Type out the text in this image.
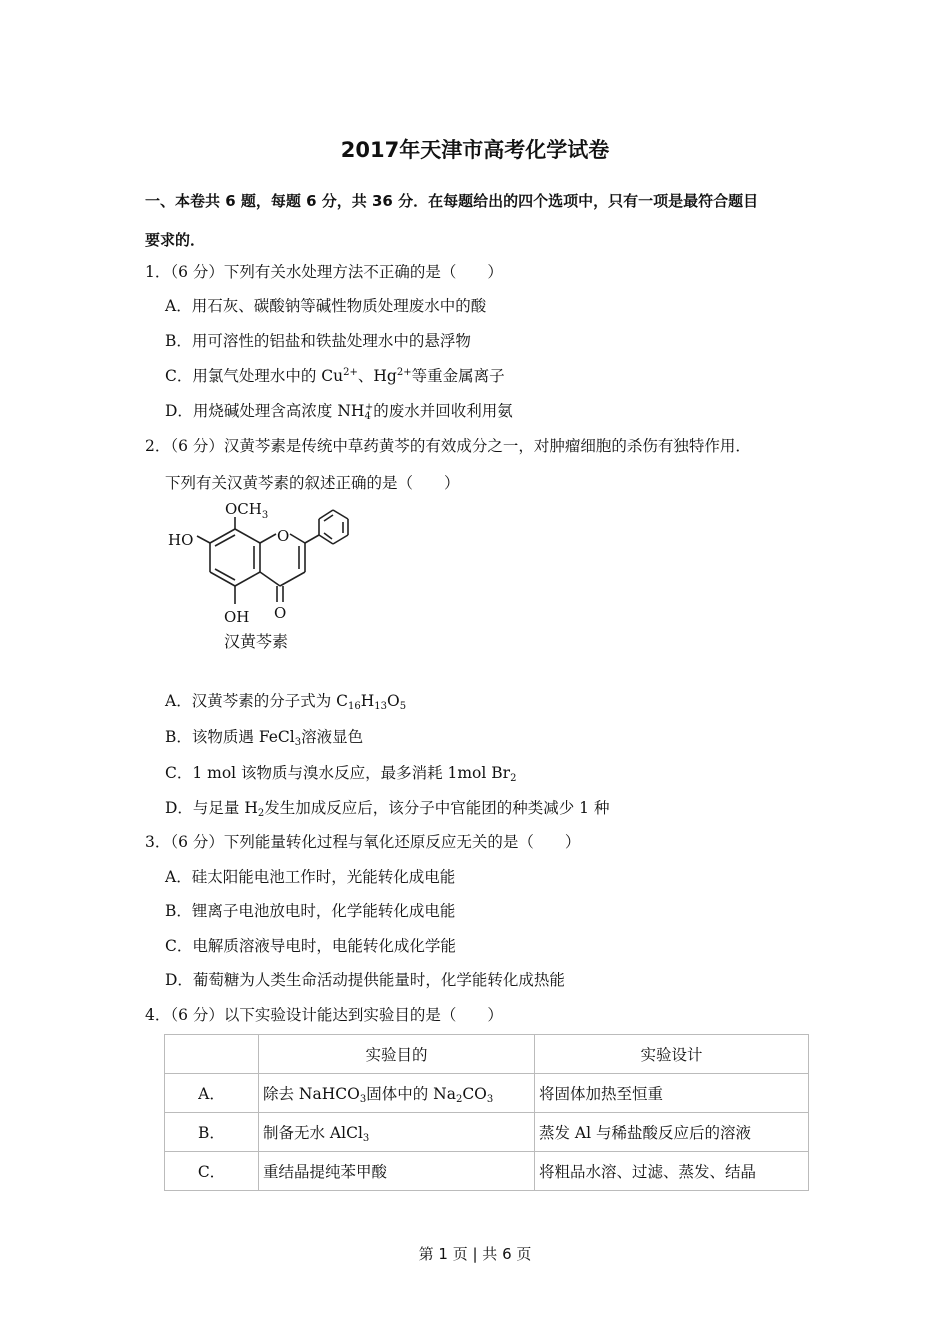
2017年天津市高考化学试卷
一、本卷共 6 题，每题 6 分，共 36 分．在每题给出的四个选项中，只有一项是最符合题目
要求的．
1．（6 分）下列有关水处理方法不正确的是（　　）
A．用石灰、碳酸钠等碱性物质处理废水中的酸
B．用可溶性的铝盐和铁盐处理水中的悬浮物
C．用氯气处理水中的 $Cu^{2+}$、$Hg^{2+}$等重金属离子
D．用烧碱处理含高浓度 $NH_4^+$的废水并回收利用氨
2．（6 分）汉黄芩素是传统中草药黄芩的有效成分之一，对肿瘤细胞的杀伤有独特作用．
下列有关汉黄芩素的叙述正确的是（　　）
$OCH_3$
HO	O
O
OH
汉黄芩素
A．汉黄芩素的分子式为 $C_{16}H_{13}O_5$
B．该物质遇 FeCl$_3$溶液显色
C．1 mol 该物质与溴水反应，最多消耗 1mol $Br_2$
D．与足量 $H_2$发生加成反应后，该分子中官能团的种类减少 1 种
3．（6 分）下列能量转化过程与氧化还原反应无关的是（　　）
A．硅太阳能电池工作时，光能转化成电能
B．锂离子电池放电时，化学能转化成电能
C．电解质溶液导电时，电能转化成化学能
D．葡萄糖为人类生命活动提供能量时，化学能转化成热能
4．（6 分）以下实验设计能达到实验目的是（　　）
	实验目的	实验设计
A．	除去 NaHCO$_3$固体中的 $Na_2CO_3$	将固体加热至恒重
B．	制备无水 AlCl$_3$	蒸发 Al 与稀盐酸反应后的溶液
C．	重结晶提纯苯甲酸	将粗品水溶、过滤、蒸发、结晶
第 1 页 | 共 6 页
